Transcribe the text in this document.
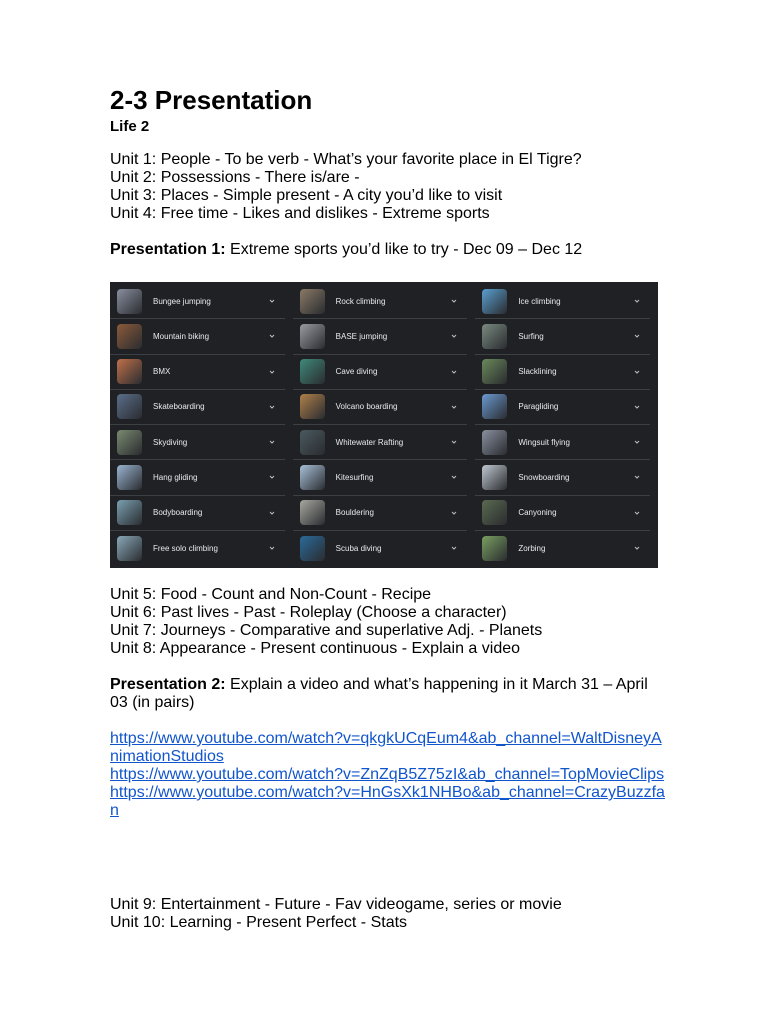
2-3 Presentation
Life 2

Unit 1: People - To be verb - What’s your favorite place in El Tigre?

Unit 2: Possessions - There is/are -

Unit 3: Places - Simple present - A city you’d like to visit

Unit 4: Free time - Likes and dislikes - Extreme sports

Presentation 1: Extreme sports you’d like to try - Dec 09 – Dec 12

Bungee jumping
Mountain biking
BMX
Skateboarding
Skydiving
Hang gliding
Bodyboarding
Free solo climbing
Rock climbing
BASE jumping
Cave diving
Volcano boarding
Whitewater Rafting
Kitesurfing
Bouldering
Scuba diving
Ice climbing
Surfing
Slacklining
Paragliding
Wingsuit flying
Snowboarding
Canyoning
Zorbing

Unit 5: Food - Count and Non-Count - Recipe

Unit 6: Past lives - Past - Roleplay (Choose a character)

Unit 7: Journeys - Comparative and superlative Adj. - Planets

Unit 8: Appearance - Present continuous - Explain a video

Presentation 2: Explain a video and what’s happening in it March 31 – April 03 (in pairs)

https://www.youtube.com/watch?v=qkgkUCqEum4&ab_channel=WaltDisneyAnimationStudios
https://www.youtube.com/watch?v=ZnZqB5Z75zI&ab_channel=TopMovieClips
https://www.youtube.com/watch?v=HnGsXk1NHBo&ab_channel=CrazyBuzzfan

Unit 9: Entertainment - Future - Fav videogame, series or movie

Unit 10: Learning - Present Perfect - Stats
